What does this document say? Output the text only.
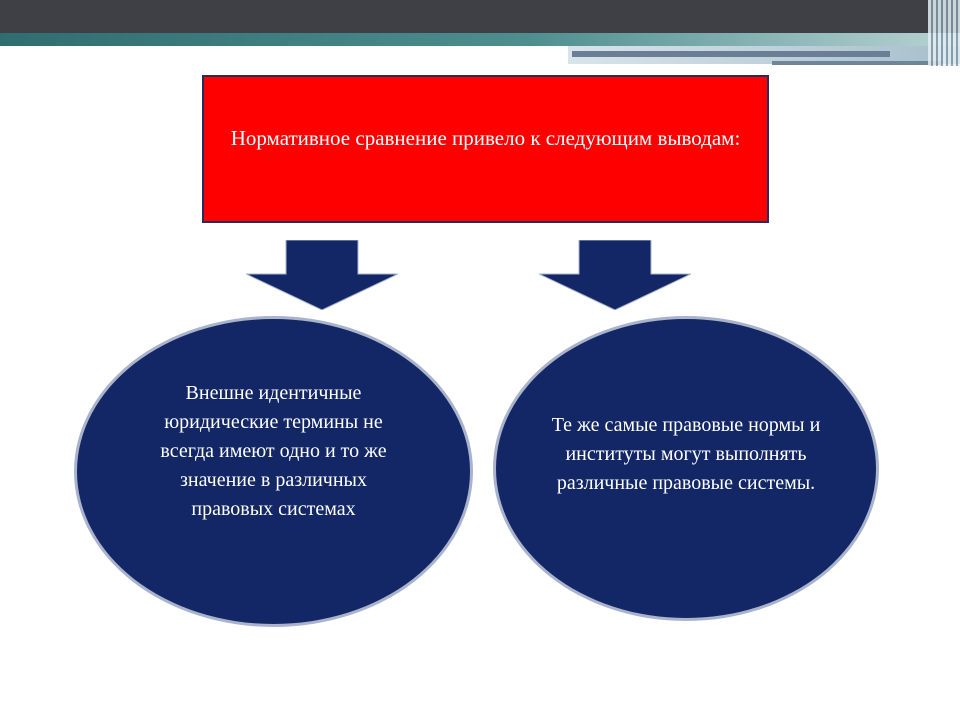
Нормативное сравнение привело к следующим выводам:
Внешне идентичные юридические термины не всегда имеют одно и то же значение в различных правовых системах
Те же самые правовые нормы и институты могут выполнять различные правовые системы.
